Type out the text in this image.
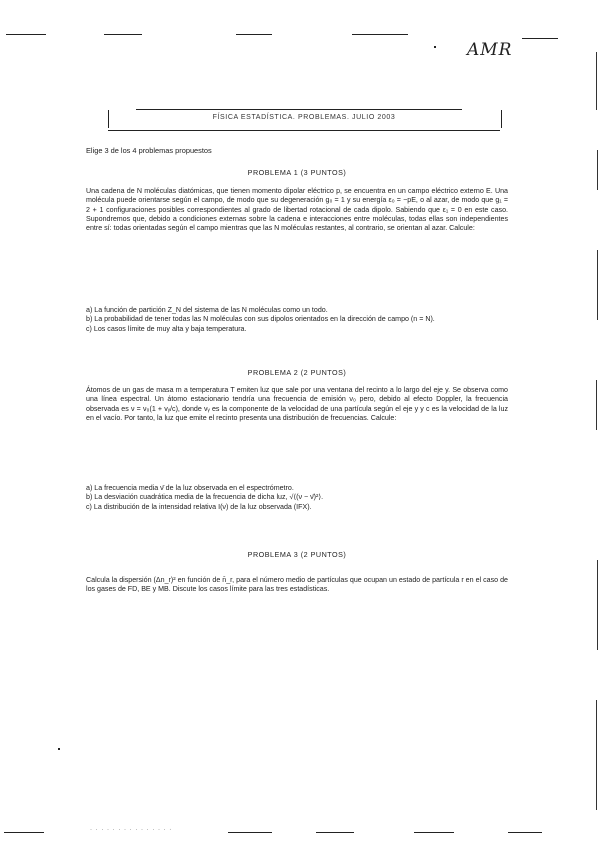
AMR
FÍSICA ESTADÍSTICA. PROBLEMAS. JULIO 2003
Elige 3 de los 4 problemas propuestos
PROBLEMA 1 (3 PUNTOS)

Una cadena de N moléculas diatómicas, que tienen momento dipolar eléctrico p, se encuentra en un campo eléctrico externo E. Una molécula puede orientarse según el campo, de modo que su degeneración g₀ = 1 y su energía ε₀ = −pE, o al azar, de modo que g₁ = 2 + 1 configuraciones posibles correspondientes al grado de libertad rotacional de cada dipolo. Sabiendo que ε₁ = 0 en este caso. Supondremos que, debido a condiciones externas sobre la cadena e interacciones entre moléculas, todas ellas son independientes entre sí: todas orientadas según el campo mientras que las N moléculas restantes, al contrario, se orientan al azar. Calcule:

a) La función de partición Z_N del sistema de las N moléculas como un todo.
b) La probabilidad de tener todas las N moléculas con sus dipolos orientados en la dirección de campo (n = N).
c) Los casos límite de muy alta y baja temperatura.
PROBLEMA 2 (2 PUNTOS)

Átomos de un gas de masa m a temperatura T emiten luz que sale por una ventana del recinto a lo largo del eje y. Se observa como una línea espectral. Un átomo estacionario tendría una frecuencia de emisión ν₀ pero, debido al efecto Doppler, la frecuencia observada es ν = ν₀(1 + vᵧ/c), donde vᵧ es la componente de la velocidad de una partícula según el eje y y c es la velocidad de la luz en el vacío. Por tanto, la luz que emite el recinto presenta una distribución de frecuencias. Calcule:

a) La frecuencia media ν̄ de la luz observada en el espectrómetro.
b) La desviación cuadrática media de la frecuencia de dicha luz, √⟨(ν − ν̄)²⟩.
c) La distribución de la intensidad relativa I(ν) de la luz observada (IFX).
PROBLEMA 3 (2 PUNTOS)

Calcula la dispersión (Δn_r)² en función de n̄_r, para el número medio de partículas que ocupan un estado de partícula r en el caso de los gases de FD, BE y MB. Discute los casos límite para las tres estadísticas.

· · · · · · · · · · · · · · ·
